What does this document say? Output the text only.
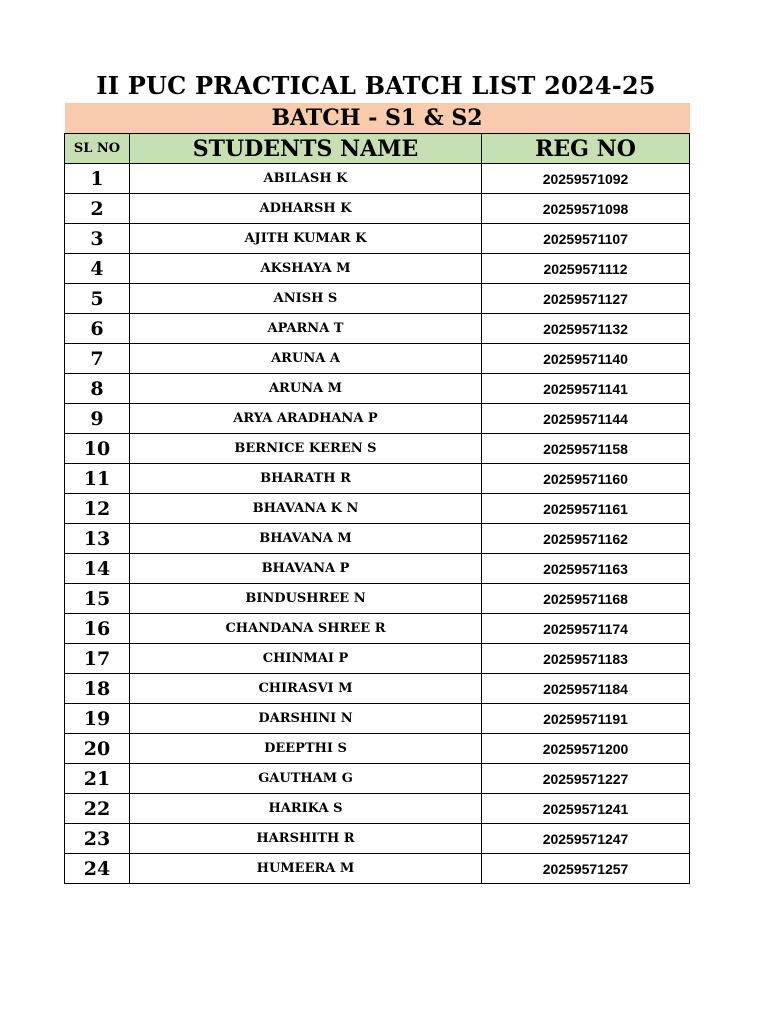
II PUC PRACTICAL BATCH LIST 2024-25
BATCH - S1 & S2		
SL NO	STUDENTS NAME	REG NO
1	ABILASH K	20259571092
2	ADHARSH K	20259571098
3	AJITH KUMAR K	20259571107
4	AKSHAYA M	20259571112
5	ANISH S	20259571127
6	APARNA T	20259571132
7	ARUNA A	20259571140
8	ARUNA M	20259571141
9	ARYA ARADHANA P	20259571144
10	BERNICE KEREN S	20259571158
11	BHARATH R	20259571160
12	BHAVANA K N	20259571161
13	BHAVANA M	20259571162
14	BHAVANA P	20259571163
15	BINDUSHREE N	20259571168
16	CHANDANA SHREE R	20259571174
17	CHINMAI P	20259571183
18	CHIRASVI M	20259571184
19	DARSHINI N	20259571191
20	DEEPTHI S	20259571200
21	GAUTHAM G	20259571227
22	HARIKA S	20259571241
23	HARSHITH R	20259571247
24	HUMEERA M	20259571257
